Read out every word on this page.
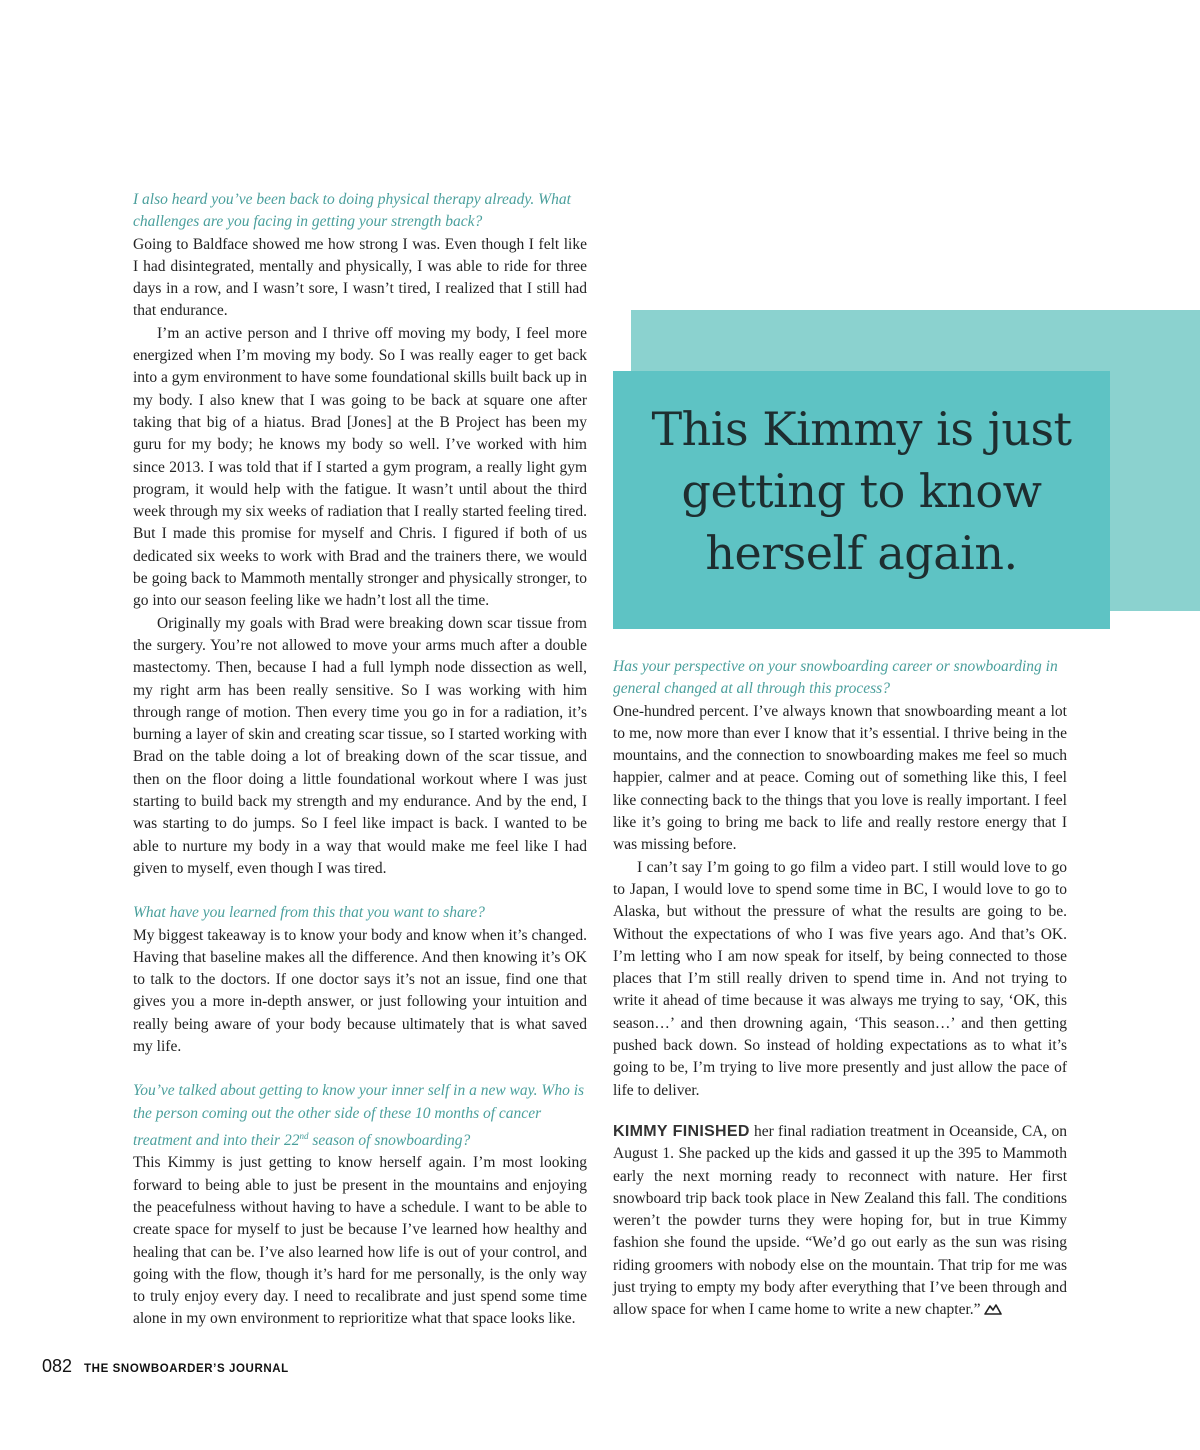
I also heard you’ve been back to doing physical therapy already. What challenges are you facing in getting your strength back?

Going to Baldface showed me how strong I was. Even though I felt like I had disintegrated, mentally and physically, I was able to ride for three days in a row, and I wasn’t sore, I wasn’t tired, I realized that I still had that endurance.

I’m an active person and I thrive off moving my body, I feel more energized when I’m moving my body. So I was really eager to get back into a gym environment to have some foundational skills built back up in my body. I also knew that I was going to be back at square one after taking that big of a hiatus. Brad [Jones] at the B Project has been my guru for my body; he knows my body so well. I’ve worked with him since 2013. I was told that if I started a gym program, a really light gym program, it would help with the fatigue. It wasn’t until about the third week through my six weeks of radiation that I really started feeling tired. But I made this promise for myself and Chris. I figured if both of us dedicated six weeks to work with Brad and the trainers there, we would be going back to Mammoth mentally stronger and physically stronger, to go into our season feeling like we hadn’t lost all the time.

Originally my goals with Brad were breaking down scar tissue from the surgery. You’re not allowed to move your arms much after a double mastectomy. Then, because I had a full lymph node dissection as well, my right arm has been really sensitive. So I was working with him through range of motion. Then every time you go in for a radiation, it’s burning a layer of skin and creating scar tissue, so I started working with Brad on the table doing a lot of breaking down of the scar tissue, and then on the floor doing a little foundational workout where I was just starting to build back my strength and my endurance. And by the end, I was starting to do jumps. So I feel like impact is back. I wanted to be able to nurture my body in a way that would make me feel like I had given to myself, even though I was tired.

What have you learned from this that you want to share?

My biggest takeaway is to know your body and know when it’s changed. Having that baseline makes all the difference. And then knowing it’s OK to talk to the doctors. If one doctor says it’s not an issue, find one that gives you a more in-depth answer, or just following your intuition and really being aware of your body because ultimately that is what saved my life.

You’ve talked about getting to know your inner self in a new way. Who is the person coming out the other side of these 10 months of cancer treatment and into their 22nd season of snowboarding?

This Kimmy is just getting to know herself again. I’m most looking forward to being able to just be present in the mountains and enjoying the peacefulness without having to have a schedule. I want to be able to create space for myself to just be because I’ve learned how healthy and healing that can be. I’ve also learned how life is out of your control, and going with the flow, though it’s hard for me personally, is the only way to truly enjoy every day. I need to recalibrate and just spend some time alone in my own environment to reprioritize what that space looks like.

This Kimmy is just
getting to know
herself again.

Has your perspective on your snowboarding career or snowboarding in general changed at all through this process?

One-hundred percent. I’ve always known that snowboarding meant a lot to me, now more than ever I know that it’s essential. I thrive being in the mountains, and the connection to snowboarding makes me feel so much happier, calmer and at peace. Coming out of something like this, I feel like connecting back to the things that you love is really important. I feel like it’s going to bring me back to life and really restore energy that I was missing before.

I can’t say I’m going to go film a video part. I still would love to go to Japan, I would love to spend some time in BC, I would love to go to Alaska, but without the pressure of what the results are going to be. Without the expectations of who I was five years ago. And that’s OK. I’m letting who I am now speak for itself, by being connected to those places that I’m still really driven to spend time in. And not trying to write it ahead of time because it was always me trying to say, ‘OK, this season…’ and then drowning again, ‘This season…’ and then getting pushed back down. So instead of holding expectations as to what it’s going to be, I’m trying to live more presently and just allow the pace of life to deliver.

KIMMY FINISHED her final radiation treatment in Oceanside, CA, on August 1. She packed up the kids and gassed it up the 395 to Mammoth early the next morning ready to reconnect with nature. Her first snowboard trip back took place in New Zealand this fall. The conditions weren’t the powder turns they were hoping for, but in true Kimmy fashion she found the upside. “We’d go out early as the sun was rising riding groomers with nobody else on the mountain. That trip for me was just trying to empty my body after everything that I’ve been through and allow space for when I came home to write a new chapter.”

082 THE SNOWBOARDER’S JOURNAL
